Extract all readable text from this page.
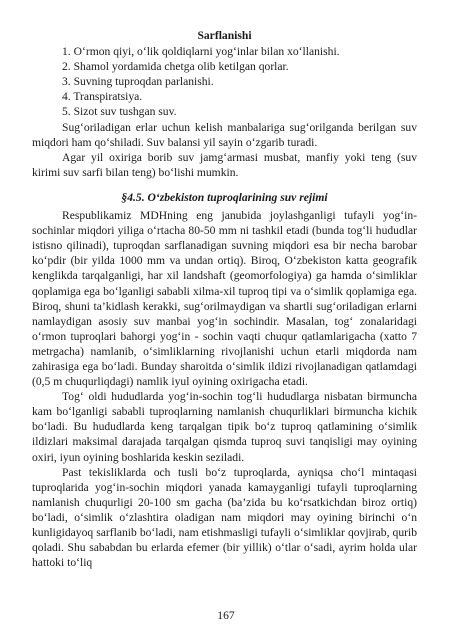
Sarflanishi

1. O‘rmon qiyi, o‘lik qoldiqlarni yog‘inlar bilan xo‘llanishi.

2. Shamol yordamida chetga olib ketilgan qorlar.

3. Suvning tuproqdan parlanishi.

4. Transpiratsiya.

5. Sizot suv tushgan suv.

Sug‘oriladigan erlar uchun kelish manbalariga sug‘orilganda berilgan suv miqdori ham qo‘shiladi. Suv balansi yil sayin o‘zgarib turadi.

Agar yil oxiriga borib suv jamg‘armasi musbat, manfiy yoki teng (suv kirimi suv sarfi bilan teng) bo‘lishi mumkin.

§4.5. O‘zbekiston tuproqlarining suv rejimi

Respublikamiz MDHning eng janubida joylashganligi tufayli yog‘in-sochinlar miqdori yiliga o‘rtacha 80-50 mm ni tashkil etadi (bunda tog‘li hududlar istisno qilinadi), tuproqdan sarflanadigan suvning miqdori esa bir necha barobar ko‘pdir (bir yilda 1000 mm va undan ortiq). Biroq, O‘zbekiston katta geografik kenglikda tarqalganligi, har xil landshaft (geomorfologiya) ga hamda o‘simliklar qoplamiga ega bo‘lganligi sababli xilma-xil tuproq tipi va o‘simlik qoplamiga ega. Biroq, shuni ta’kidlash kerakki, sug‘orilmaydigan va shartli sug‘oriladigan erlarni namlaydigan asosiy suv manbai yog‘in sochindir. Masalan, tog‘ zonalaridagi o‘rmon tuproqlari bahorgi yog‘in - sochin vaqti chuqur qatlamlarigacha (xatto 7 metrgacha) namlanib, o‘simliklarning rivojlanishi uchun etarli miqdorda nam zahirasiga ega bo‘ladi. Bunday sharoitda o‘simlik ildizi rivojlanadigan qatlamdagi (0,5 m chuqurliqdagi) namlik iyul oyining oxirigacha etadi.

Tog‘ oldi hududlarda yog‘in-sochin tog‘li hududlarga nisbatan birmuncha kam bo‘lganligi sababli tuproqlarning namlanish chuqurliklari birmuncha kichik bo‘ladi. Bu hududlarda keng tarqalgan tipik bo‘z tuproq qatlamining o‘simlik ildizlari maksimal darajada tarqalgan qismda tuproq suvi tanqisligi may oyining oxiri, iyun oyining boshlarida keskin seziladi.

Past tekisliklarda och tusli bo‘z tuproqlarda, ayniqsa cho‘l mintaqasi tuproqlarida yog‘in-sochin miqdori yanada kamayganligi tufayli tuproqlarning namlanish chuqurligi 20-100 sm gacha (ba’zida bu ko‘rsatkichdan biroz ortiq) bo‘ladi, o‘simlik o‘zlashtira oladigan nam miqdori may oyining birinchi o‘n kunligidayoq sarflanib bo‘ladi, nam etishmasligi tufayli o‘simliklar qovjirab, qurib qoladi. Shu sababdan bu erlarda efemer (bir yillik) o‘tlar o‘sadi, ayrim holda ular hattoki to‘liq

167
